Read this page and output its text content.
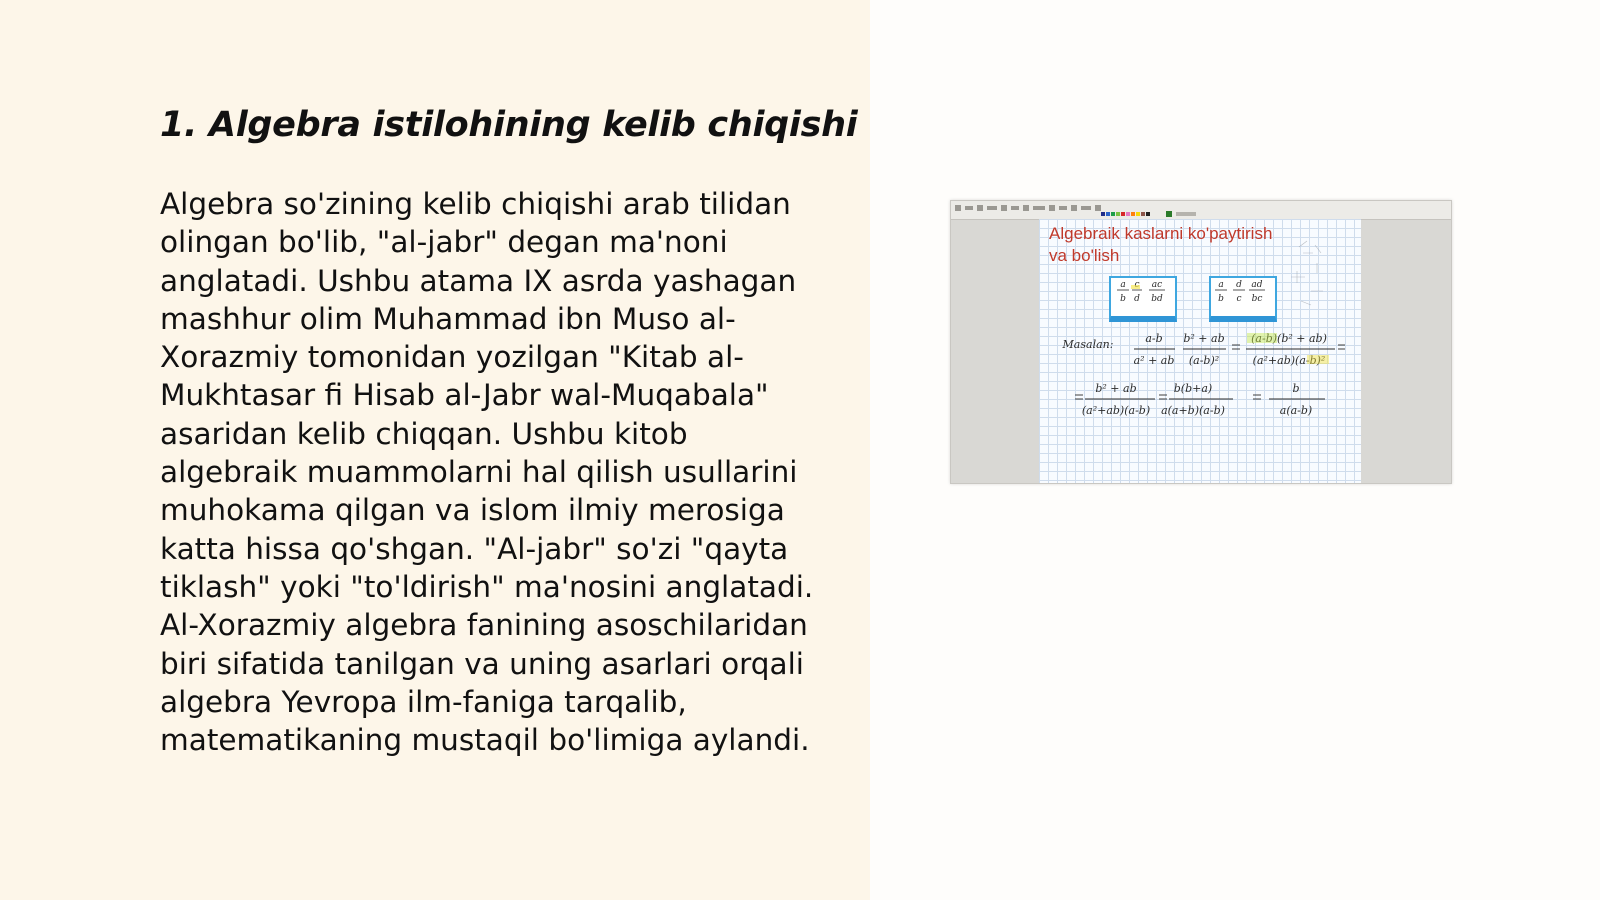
1. Algebra istilohining kelib chiqishi
Algebra so'zining kelib chiqishi arab tilidan
olingan bo'lib, "al-jabr" degan ma'noni
anglatadi. Ushbu atama IX asrda yashagan
mashhur olim Muhammad ibn Muso al-
Xorazmiy tomonidan yozilgan "Kitab al-
Mukhtasar fi Hisab al-Jabr wal-Muqabala"
asaridan kelib chiqqan. Ushbu kitob
algebraik muammolarni hal qilish usullarini
muhokama qilgan va islom ilmiy merosiga
katta hissa qo'shgan. "Al-jabr" so'zi "qayta
tiklash" yoki "to'ldirish" ma'nosini anglatadi.
Al-Xorazmiy algebra fanining asoschilaridan
biri sifatida tanilgan va uning asarlari orqali
algebra Yevropa ilm-faniga tarqalib,
matematikaning mustaqil bo'limiga aylandi.
Algebraik kaslarni ko'paytirish
va bo'lish
a
b d
ac
bd
a
b
d
c
ad
bc
Masalan:	a-b
a² + ab
b² + ab
(a-b)²
(a-b)(b² + ab)
(a²+ab)(a-b)²
b² + ab
(a²+ab)(a-b)
b(b+a)
a(a+b)(a-b)
b
a(a-b)
